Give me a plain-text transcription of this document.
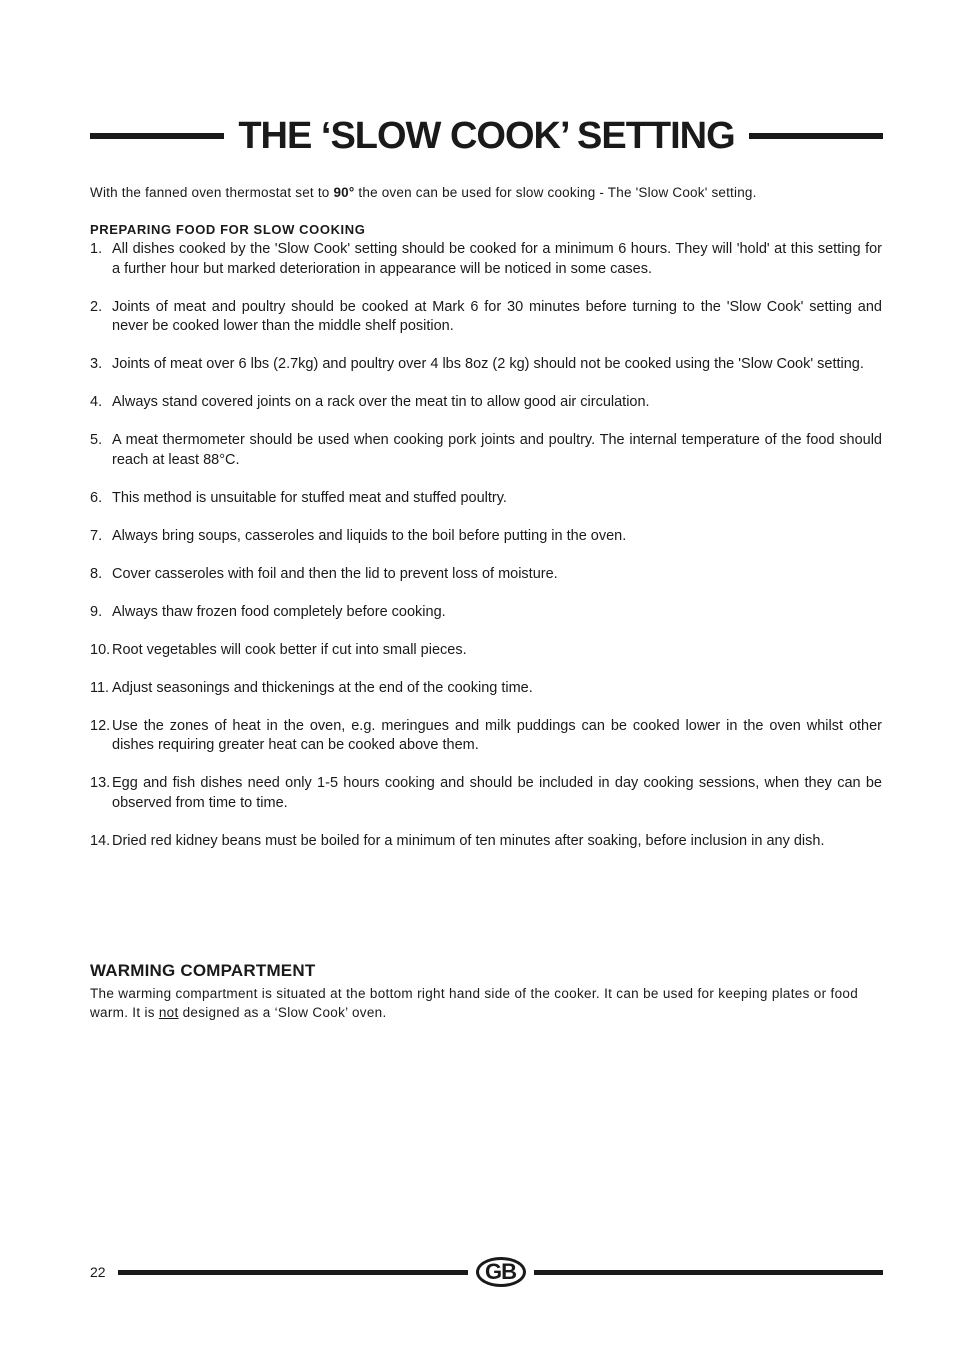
THE ‘SLOW COOK’ SETTING
With the fanned oven thermostat set to 90° the oven can be used for slow cooking - The 'Slow Cook' setting.
PREPARING FOOD FOR SLOW COOKING
1. All dishes cooked by the 'Slow Cook' setting should be cooked for a minimum 6 hours. They will 'hold' at this setting for a further hour but marked deterioration in appearance will be noticed in some cases.
2. Joints of meat and poultry should be cooked at Mark 6 for 30 minutes before turning to the 'Slow Cook' setting and never be cooked lower than the middle shelf position.
3. Joints of meat over 6 lbs (2.7kg) and poultry over 4 lbs 8oz (2 kg) should not be cooked using the 'Slow Cook' setting.
4. Always stand covered joints on a rack over the meat tin to allow good air circulation.
5. A meat thermometer should be used when cooking pork joints and poultry. The internal temperature of the food should reach at least 88°C.
6. This method is unsuitable for stuffed meat and stuffed poultry.
7. Always bring soups, casseroles and liquids to the boil before putting in the oven.
8. Cover casseroles with foil and then the lid to prevent loss of moisture.
9. Always thaw frozen food completely before cooking.
10. Root vegetables will cook better if cut into small pieces.
11. Adjust seasonings and thickenings at the end of the cooking time.
12. Use the zones of heat in the oven, e.g. meringues and milk puddings can be cooked lower in the oven whilst other dishes requiring greater heat can be cooked above them.
13. Egg and fish dishes need only 1-5 hours cooking and should be included in day cooking sessions, when they can be observed from time to time.
14. Dried red kidney beans must be boiled for a minimum of ten minutes after soaking, before inclusion in any dish.
WARMING COMPARTMENT
The warming compartment is situated at the bottom right hand side of the cooker. It can be used for keeping plates or food warm. It is not designed as a ‘Slow Cook’ oven.
22	GB
